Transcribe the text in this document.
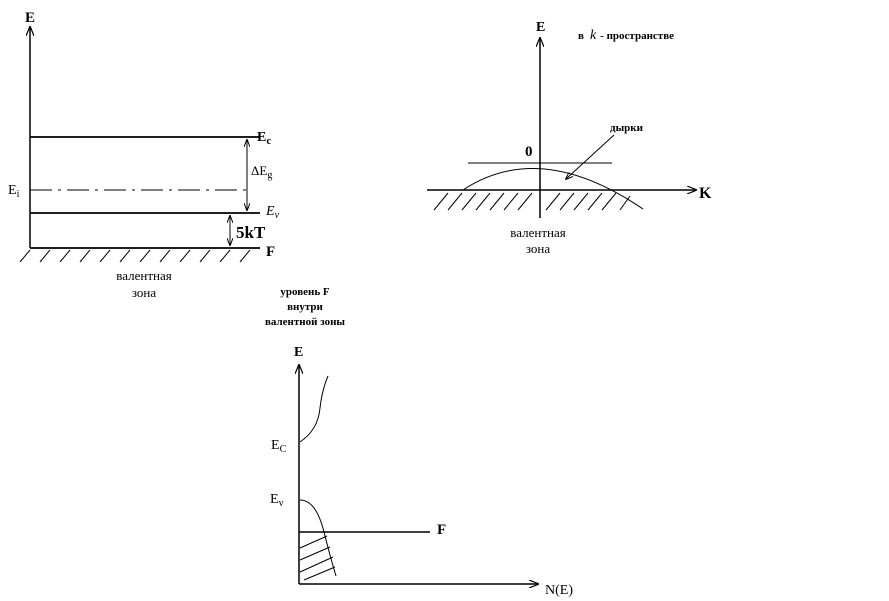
E
$E_c$
$E_i$
$E_v$
$\Delta E_g$
5kT
F
валентная
зона
E
в k - пространстве
K
0
дырки
валентная
зона
уровень F
внутри
валентной зоны
E
N(E)
F
$E_C$
$E_v$
